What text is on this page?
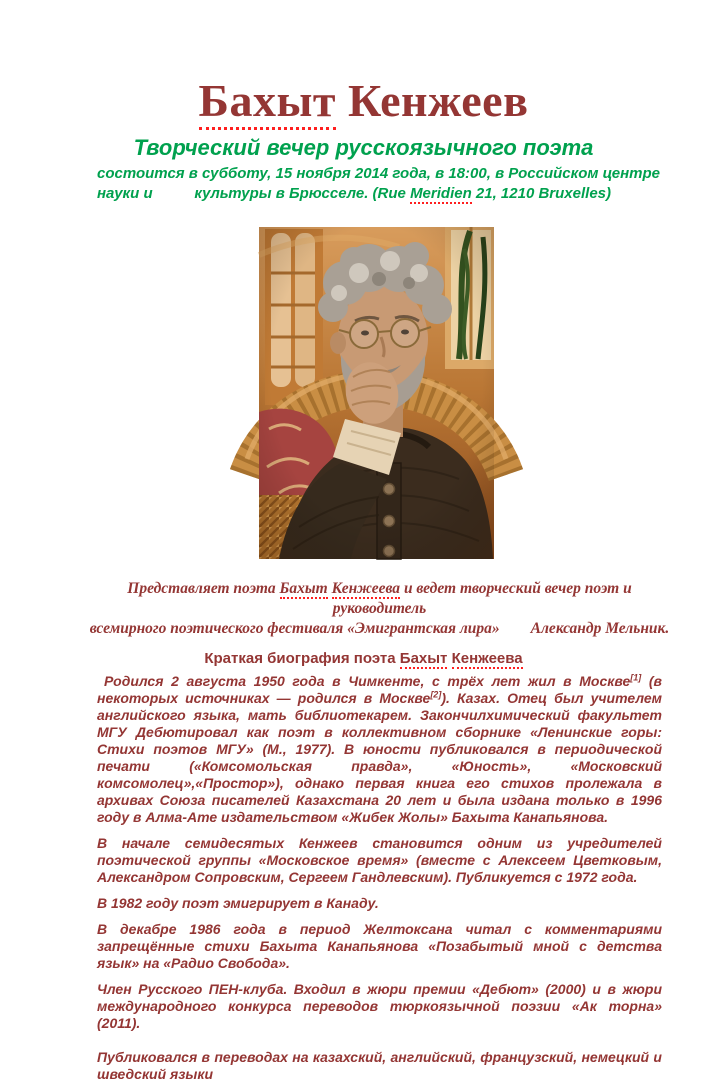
Бахыт Кенжеев
Творческий вечер русскоязычного поэта
состоится в субботу, 15 ноября 2014 года, в 18:00, в Российском центре
науки и          культуры в Брюсселе. (Rue Meridien 21, 1210 Bruxelles)
Представляет поэта Бахыт Кенжеева и ведет творческий вечер поэт и руководитель
всемирного поэтического фестиваля «Эмигрантская лира»        Александр Мельник.
Краткая биография поэта Бахыт Кенжеева

Родился 2 августа 1950 года в Чимкенте, с трёх лет жил в Москве[1] (в некоторых источниках — родился в Москве[2]). Казах. Отец был учителем английского языка, мать библиотекарем. Закончилхимический факультет МГУ Дебютировал как поэт в коллективном сборнике «Ленинские горы: Стихи поэтов МГУ» (М., 1977). В юности публиковался в периодической печати («Комсомольская правда», «Юность», «Московский комсомолец»,«Простор»), однако первая книга его стихов пролежала в архивах Союза писателей Казахстана 20 лет и была издана только в 1996 году в Алма-Ате издательством «Жибек Жолы» Бахыта Канапьянова.

В начале семидесятых Кенжеев становится одним из учредителей поэтической группы «Московское время» (вместе с Алексеем Цветковым, Александром Сопровским, Сергеем Гандлевским). Публикуется с 1972 года.

В 1982 году поэт эмигрирует в Канаду.

В декабре 1986 года в период Желтоксана читал с комментариями запрещённые стихи Бахыта Канапьянова «Позабытый мной с детства язык» на «Радио Свобода».

Член Русского ПЕН-клуба. Входил в жюри премии «Дебют» (2000) и в жюри международного конкурса переводов тюркоязычной поэзии «Ак торна» (2011).

Публиковался в переводах на казахский, английский, французский, немецкий и шведский языки
